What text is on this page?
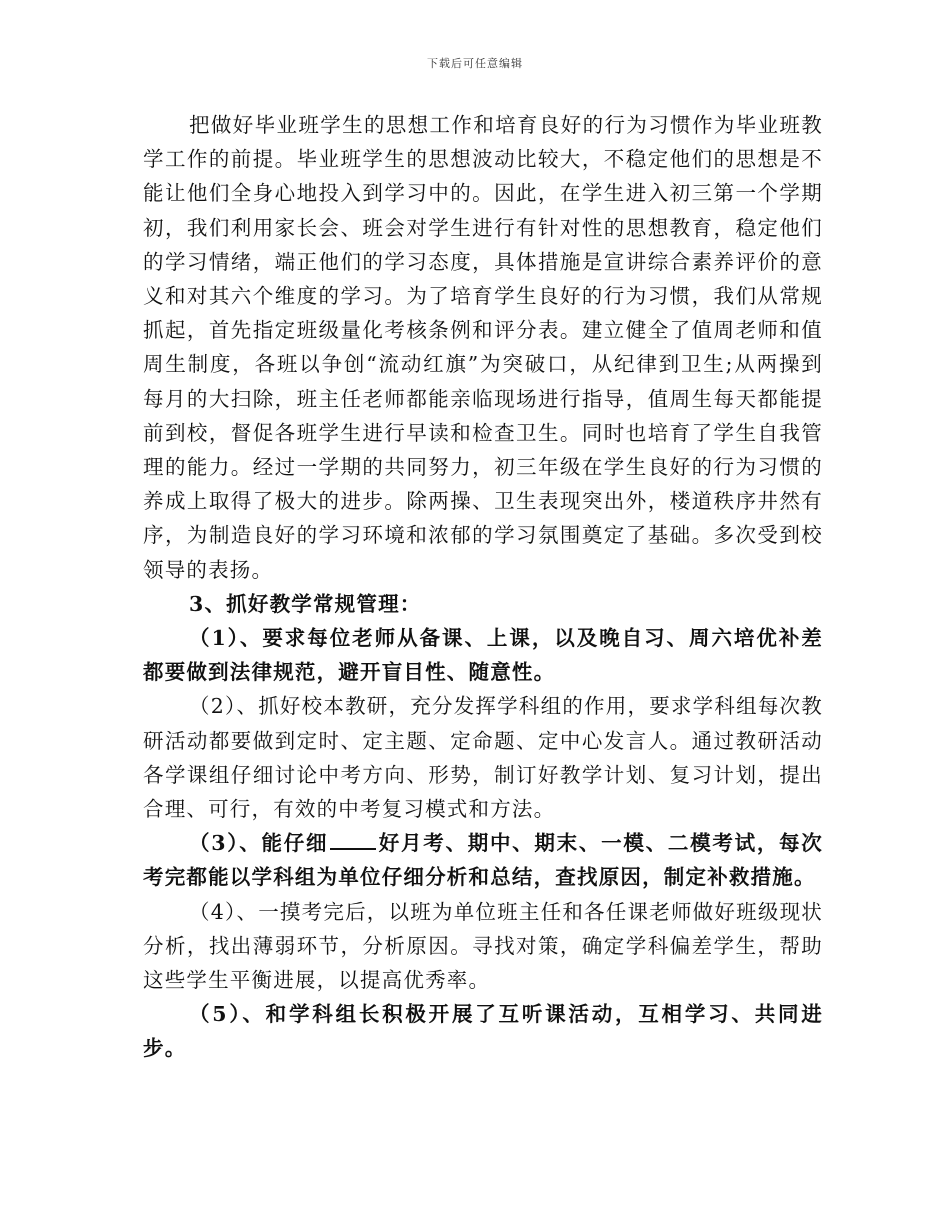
下载后可任意编辑

把做好毕业班学生的思想工作和培育良好的行为习惯作为毕业班教学工作的前提。毕业班学生的思想波动比较大，不稳定他们的思想是不能让他们全身心地投入到学习中的。因此，在学生进入初三第一个学期初，我们利用家长会、班会对学生进行有针对性的思想教育，稳定他们的学习情绪，端正他们的学习态度，具体措施是宣讲综合素养评价的意义和对其六个维度的学习。为了培育学生良好的行为习惯，我们从常规抓起，首先指定班级量化考核条例和评分表。建立健全了值周老师和值周生制度，各班以争创“流动红旗”为突破口，从纪律到卫生;从两操到每月的大扫除，班主任老师都能亲临现场进行指导，值周生每天都能提前到校，督促各班学生进行早读和检查卫生。同时也培育了学生自我管理的能力。经过一学期的共同努力，初三年级在学生良好的行为习惯的养成上取得了极大的进步。除两操、卫生表现突出外，楼道秩序井然有序，为制造良好的学习环境和浓郁的学习氛围奠定了基础。多次受到校领导的表扬。

3、抓好教学常规管理：

（1）、要求每位老师从备课、上课，以及晚自习、周六培优补差都要做到法律规范，避开盲目性、随意性。

（2）、抓好校本教研，充分发挥学科组的作用，要求学科组每次教研活动都要做到定时、定主题、定命题、定中心发言人。通过教研活动各学课组仔细讨论中考方向、形势，制订好教学计划、复习计划，提出合理、可行，有效的中考复习模式和方法。

（3）、能仔细 好月考、期中、期末、一模、二模考试，每次考完都能以学科组为单位仔细分析和总结，查找原因，制定补救措施。

（4）、一摸考完后，以班为单位班主任和各任课老师做好班级现状分析，找出薄弱环节，分析原因。寻找对策，确定学科偏差学生，帮助这些学生平衡进展，以提高优秀率。

（5）、和学科组长积极开展了互听课活动，互相学习、共同进步。
